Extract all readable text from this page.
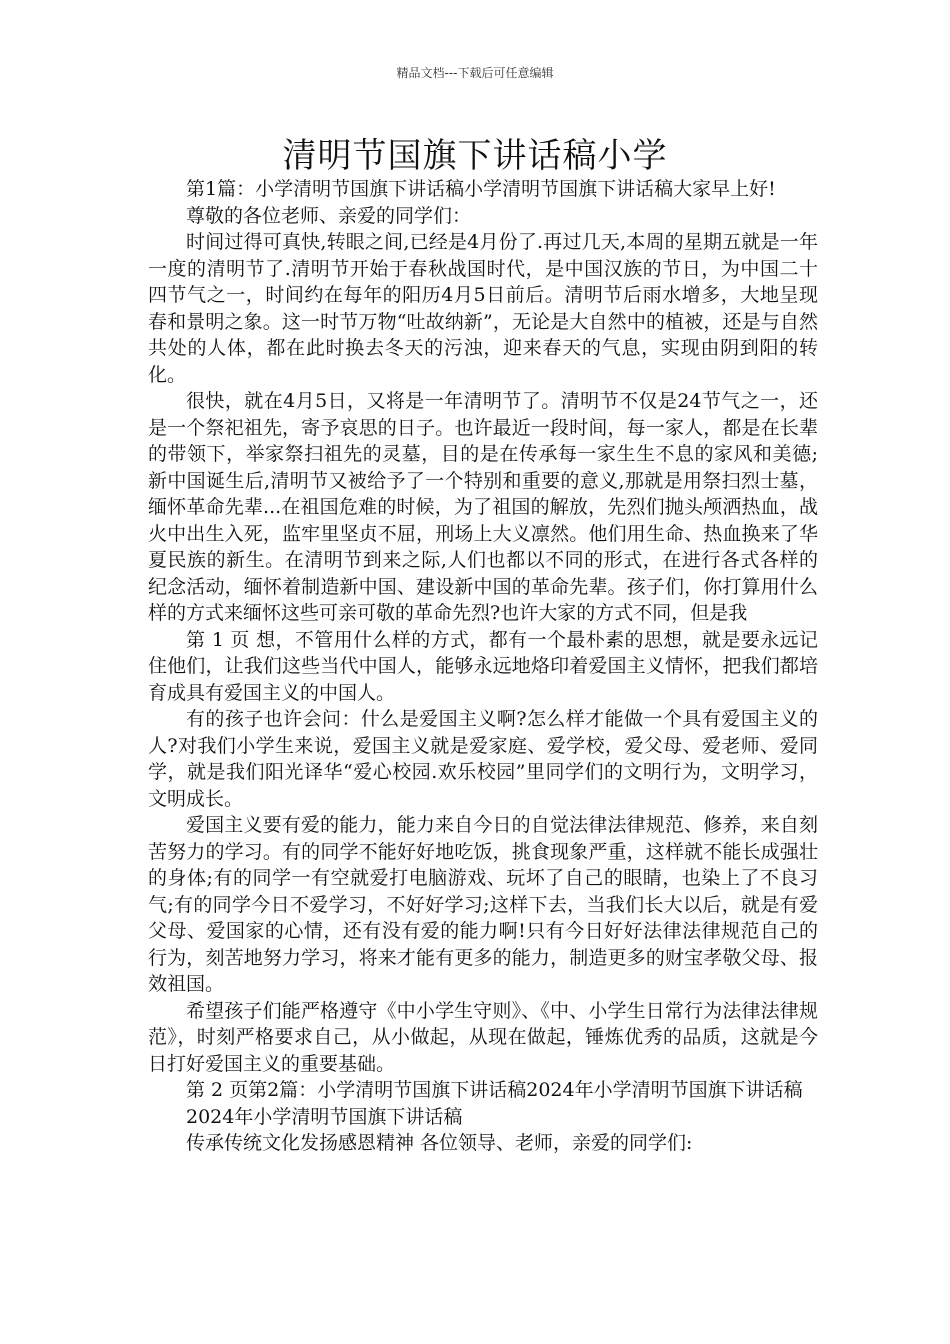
精品文档---下载后可任意编辑
清明节国旗下讲话稿小学

第1篇：小学清明节国旗下讲话稿小学清明节国旗下讲话稿大家早上好!

尊敬的各位老师、亲爱的同学们：

时间过得可真快,转眼之间,已经是4月份了.再过几天,本周的星期五就是一年一度的清明节了.清明节开始于春秋战国时代，是中国汉族的节日，为中国二十四节气之一，时间约在每年的阳历4月5日前后。清明节后雨水增多，大地呈现春和景明之象。这一时节万物“吐故纳新”，无论是大自然中的植被，还是与自然共处的人体，都在此时换去冬天的污浊，迎来春天的气息，实现由阴到阳的转化。

很快，就在4月5日，又将是一年清明节了。清明节不仅是24节气之一，还是一个祭祀祖先，寄予哀思的日子。也许最近一段时间，每一家人，都是在长辈的带领下，举家祭扫祖先的灵墓，目的是在传承每一家生生不息的家风和美德;新中国诞生后,清明节又被给予了一个特别和重要的意义,那就是用祭扫烈士墓，缅怀革命先辈...在祖国危难的时候，为了祖国的解放，先烈们抛头颅洒热血，战火中出生入死，监牢里坚贞不屈，刑场上大义凛然。他们用生命、热血换来了华夏民族的新生。在清明节到来之际,人们也都以不同的形式，在进行各式各样的纪念活动，缅怀着制造新中国、建设新中国的革命先辈。孩子们，你打算用什么样的方式来缅怀这些可亲可敬的革命先烈?也许大家的方式不同，但是我

第 1 页 想，不管用什么样的方式，都有一个最朴素的思想，就是要永远记住他们，让我们这些当代中国人，能够永远地烙印着爱国主义情怀，把我们都培育成具有爱国主义的中国人。

有的孩子也许会问：什么是爱国主义啊?怎么样才能做一个具有爱国主义的人?对我们小学生来说，爱国主义就是爱家庭、爱学校，爱父母、爱老师、爱同学，就是我们阳光译华“爱心校园.欢乐校园”里同学们的文明行为，文明学习，文明成长。

爱国主义要有爱的能力，能力来自今日的自觉法律法律规范、修养，来自刻苦努力的学习。有的同学不能好好地吃饭，挑食现象严重，这样就不能长成强壮的身体;有的同学一有空就爱打电脑游戏、玩坏了自己的眼睛，也染上了不良习气;有的同学今日不爱学习，不好好学习;这样下去，当我们长大以后，就是有爱父母、爱国家的心情，还有没有爱的能力啊!只有今日好好法律法律规范自己的行为，刻苦地努力学习，将来才能有更多的能力，制造更多的财宝孝敬父母、报效祖国。

希望孩子们能严格遵守《中小学生守则》、《中、小学生日常行为法律法律规范》，时刻严格要求自己，从小做起，从现在做起，锤炼优秀的品质，这就是今日打好爱国主义的重要基础。

第 2 页第2篇：小学清明节国旗下讲话稿2024年小学清明节国旗下讲话稿

2024年小学清明节国旗下讲话稿

传承传统文化发扬感恩精神 各位领导、老师，亲爱的同学们:
